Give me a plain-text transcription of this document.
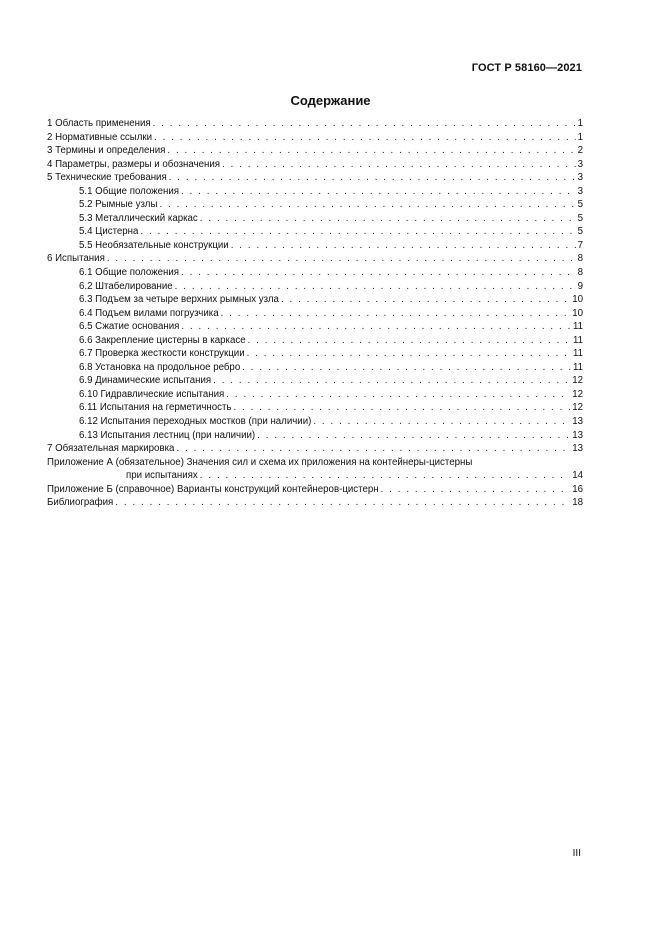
ГОСТ Р 58160—2021
Содержание
1 Область применения . . .	1
2 Нормативные ссылки . . .	1
3 Термины и определения . . .	2
4 Параметры, размеры и обозначения . . .	3
5 Технические требования . . .	3
5.1 Общие положения . . .	3
5.2 Рымные узлы . . .	5
5.3 Металлический каркас . . .	5
5.4 Цистерна . . .	5
5.5 Необязательные конструкции . . .	7
6 Испытания . . .	8
6.1 Общие положения . . .	8
6.2 Штабелирование . . .	9
6.3 Подъем за четыре верхних рымных узла . . .	10
6.4 Подъем вилами погрузчика . . .	10
6.5 Сжатие основания . . .	11
6.6 Закрепление цистерны в каркасе . . .	11
6.7 Проверка жесткости конструкции . . .	11
6.8 Установка на продольное ребро . . .	11
6.9 Динамические испытания . . .	12
6.10 Гидравлические испытания . . .	12
6.11 Испытания на герметичность . . .	12
6.12 Испытания переходных мостков (при наличии) . . .	13
6.13 Испытания лестниц (при наличии) . . .	13
7 Обязательная маркировка . . .	13
Приложение А (обязательное) Значения сил и схема их приложения на контейнеры-цистерны
при испытаниях . . .	14
Приложение Б (справочное) Варианты конструкций контейнеров-цистерн . . .	16
Библиография . . .	18
III
